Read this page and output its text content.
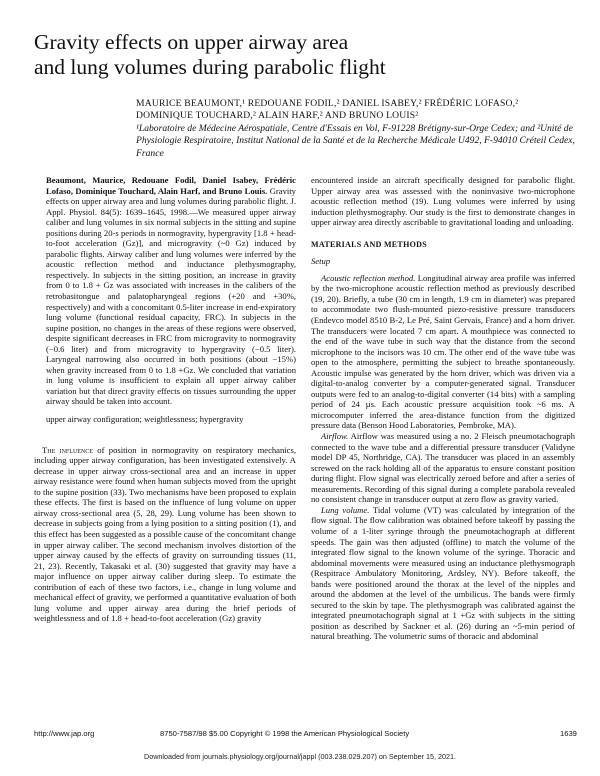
Gravity effects on upper airway area
and lung volumes during parabolic flight
MAURICE BEAUMONT,¹ REDOUANE FODIL,² DANIEL ISABEY,² FRÉDÉRIC LOFASO,² DOMINIQUE TOUCHARD,² ALAIN HARF,² AND BRUNO LOUIS²
¹Laboratoire de Médecine Aérospatiale, Centre d'Essais en Vol, F-91228 Brétigny-sur-Orge Cedex; and ²Unité de Physiologie Respiratoire, Institut National de la Santé et de la Recherche Médicale U492, F-94010 Créteil Cedex, France

Beaumont, Maurice, Redouane Fodil, Daniel Isabey, Frédéric Lofaso, Dominique Touchard, Alain Harf, and Bruno Louis. Gravity effects on upper airway area and lung volumes during parabolic flight. J. Appl. Physiol. 84(5): 1639–1645, 1998.—We measured upper airway caliber and lung volumes in six normal subjects in the sitting and supine positions during 20-s periods in normogravity, hypergravity [1.8 + head-to-foot acceleration (Gz)], and microgravity (~0 Gz) induced by parabolic flights. Airway caliber and lung volumes were inferred by the acoustic reflection method and inductance plethysmography, respectively. In subjects in the sitting position, an increase in gravity from 0 to 1.8 + Gz was associated with increases in the calibers of the retrobasitongue and palatopharyngeal regions (+20 and +30%, respectively) and with a concomitant 0.5-liter increase in end-expiratory lung volume (functional residual capacity, FRC). In subjects in the supine position, no changes in the areas of these regions were observed, despite significant decreases in FRC from microgravity to normogravity (−0.6 liter) and from microgravity to hypergravity (−0.5 liter). Laryngeal narrowing also occurred in both positions (about −15%) when gravity increased from 0 to 1.8 +Gz. We concluded that variation in lung volume is insufficient to explain all upper airway caliber variation but that direct gravity effects on tissues surrounding the upper airway should be taken into account.

upper airway configuration; weightlessness; hypergravity
The influence of position in normogravity on respiratory mechanics, including upper airway configuration, has been investigated extensively. A decrease in upper airway cross-sectional area and an increase in upper airway resistance were found when human subjects moved from the upright to the supine position (33). Two mechanisms have been proposed to explain these effects. The first is based on the influence of lung volume on upper airway cross-sectional area (5, 28, 29). Lung volume has been shown to decrease in subjects going from a lying position to a sitting position (1), and this effect has been suggested as a possible cause of the concomitant change in upper airway caliber. The second mechanism involves distortion of the upper airway caused by the effects of gravity on surrounding tissues (11, 21, 23). Recently, Takasaki et al. (30) suggested that gravity may have a major influence on upper airway caliber during sleep. To estimate the contribution of each of these two factors, i.e., change in lung volume and mechanical effect of gravity, we performed a quantitative evaluation of both lung volume and upper airway area during the brief periods of weightlessness and of 1.8 + head-to-foot acceleration (Gz) gravity
encountered inside an aircraft specifically designed for parabolic flight. Upper airway area was assessed with the noninvasive two-microphone acoustic reflection method (19). Lung volumes were inferred by using induction plethysmography. Our study is the first to demonstrate changes in upper airway area directly ascribable to gravitational loading and unloading.
MATERIALS AND METHODS
Setup
Acoustic reflection method. Longitudinal airway area profile was inferred by the two-microphone acoustic reflection method as previously described (19, 20). Briefly, a tube (30 cm in length, 1.9 cm in diameter) was prepared to accommodate two flush-mounted piezo-resistive pressure transducers (Endevco model 8510 B-2, Le Pré, Saint Gervais, France) and a horn driver. The transducers were located 7 cm apart. A mouthpiece was connected to the end of the wave tube in such way that the distance from the second microphone to the incisors was 10 cm. The other end of the wave tube was open to the atmosphere, permitting the subject to breathe spontaneously. Acoustic impulse was generated by the horn driver, which was driven via a digital-to-analog converter by a computer-generated signal. Transducer outputs were fed to an analog-to-digital converter (14 bits) with a sampling period of 24 µs. Each acoustic pressure acquisition took ~6 ms. A microcomputer inferred the area-distance function from the digitized pressure data (Benson Hood Laboratories, Pembroke, MA).
Airflow. Airflow was measured using a no. 2 Fleisch pneumotachograph connected to the wave tube and a differential pressure transducer (Validyne model DP 45, Northridge, CA). The transducer was placed in an assembly screwed on the rack holding all of the apparatus to ensure constant position during flight. Flow signal was electrically zeroed before and after a series of measurements. Recording of this signal during a complete parabola revealed no consistent change in transducer output at zero flow as gravity varied.
Lung volume. Tidal volume (VT) was calculated by integration of the flow signal. The flow calibration was obtained before takeoff by passing the volume of a 1-liter syringe through the pneumotachograph at different speeds. The gain was then adjusted (offline) to match the volume of the integrated flow signal to the known volume of the syringe. Thoracic and abdominal movements were measured using an inductance plethysmograph (Respitrace Ambulatory Monitoring, Ardsley, NY). Before takeoff, the bands were positioned around the thorax at the level of the nipples and around the abdomen at the level of the umbilicus. The bands were firmly secured to the skin by tape. The plethysmograph was calibrated against the integrated pneumotachograph signal at 1 +Gz with subjects in the sitting position as described by Sackner et al. (26) during an ~5-min period of natural breathing. The volumetric sums of thoracic and abdominal
http://www.jap.org	8750-7587/98 $5.00 Copyright © 1998 the American Physiological Society	1639
Downloaded from journals.physiology.org/journal/jappl (003.238.029.207) on September 15, 2021.
